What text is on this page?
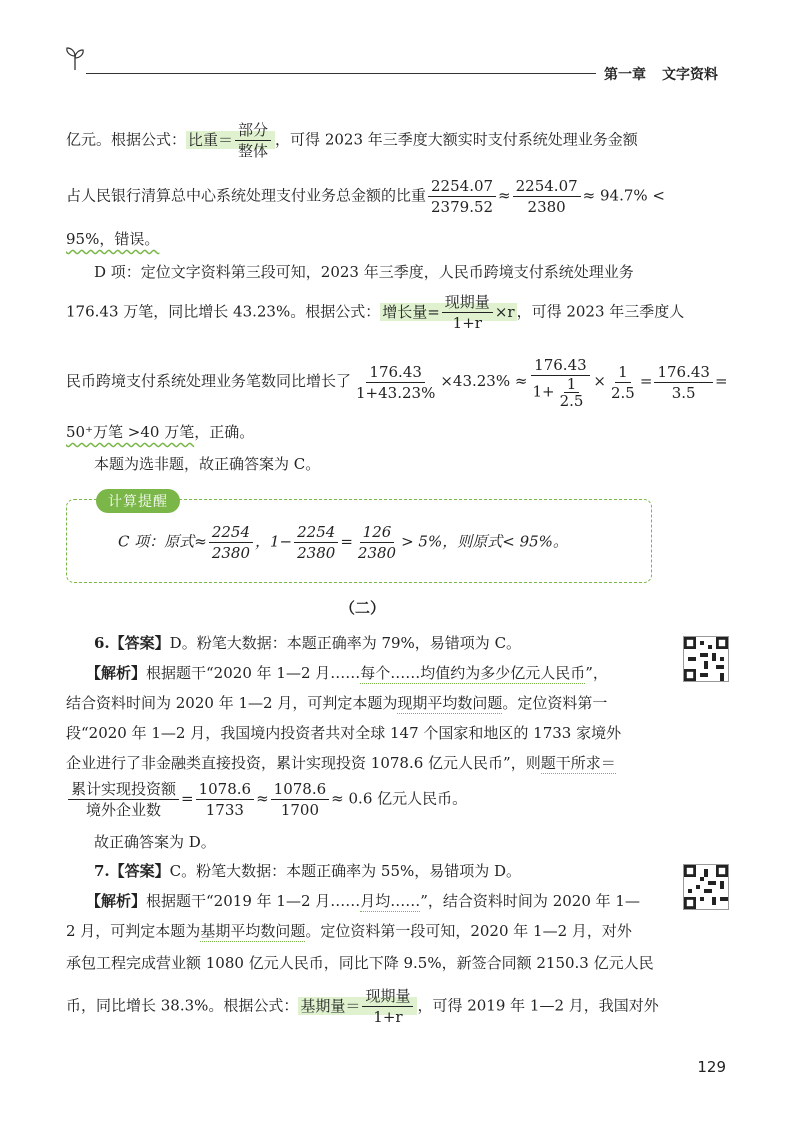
第一章 文字资料
亿元。根据公式： 比重＝ $\frac{\text{部分}}{\text{整体}}$ ，可得 2023 年三季度大额实时支付系统处理业务金额
占人民银行清算总中心系统处理支付业务总金额的比重 $\frac{2254.07}{2379.52} \approx \frac{2254.07}{2380} \approx 94.7\%$ <
95%，错误。
D 项：定位文字资料第三段可知，2023 年三季度，人民币跨境支付系统处理业务
176.43 万笔，同比增长 43.23%。根据公式： 增长量= $\frac{\text{现期量}}{1+r} \times r$ ，可得 2023 年三季度人
民币跨境支付系统处理业务笔数同比增长了 $\frac{176.43}{1+43.23\%} \times 43.23\% \approx \frac{176.43}{1+ \frac{1}{2.5}} \times \frac{1}{2.5} = \frac{176.43}{3.5}$ =
50⁺万笔 >40 万笔，正确。
本题为选非题，故正确答案为 C。
计算提醒
C 项：原式≈ $\frac{2254}{2380}$ ，$1- \frac{2254}{2380} = \frac{126}{2380} > 5\%$，则原式< 95%。
（二）
6.【答案】D。粉笔大数据：本题正确率为 79%，易错项为 C。
【解析】根据题干“2020 年 1—2 月……每个……均值约为多少亿元人民币”，
结合资料时间为 2020 年 1—2 月，可判定本题为现期平均数问题。定位资料第一
段“2020 年 1—2 月，我国境内投资者共对全球 147 个国家和地区的 1733 家境外
企业进行了非金融类直接投资，累计实现投资 1078.6 亿元人民币”，则题干所求＝
$\frac{\text{累计实现投资额}}{\text{境外企业数}} = \frac{1078.6}{1733} \approx \frac{1078.6}{1700} \approx 0.6$ 亿元人民币。
故正确答案为 D。
7.【答案】C。粉笔大数据：本题正确率为 55%，易错项为 D。
【解析】根据题干“2019 年 1—2 月……月均……”，结合资料时间为 2020 年 1—
2 月，可判定本题为基期平均数问题。定位资料第一段可知，2020 年 1—2 月，对外
承包工程完成营业额 1080 亿元人民币，同比下降 9.5%，新签合同额 2150.3 亿元人民
币，同比增长 38.3%。根据公式： 基期量＝ $\frac{\text{现期量}}{1+r}$ ，可得 2019 年 1—2 月，我国对外
129
